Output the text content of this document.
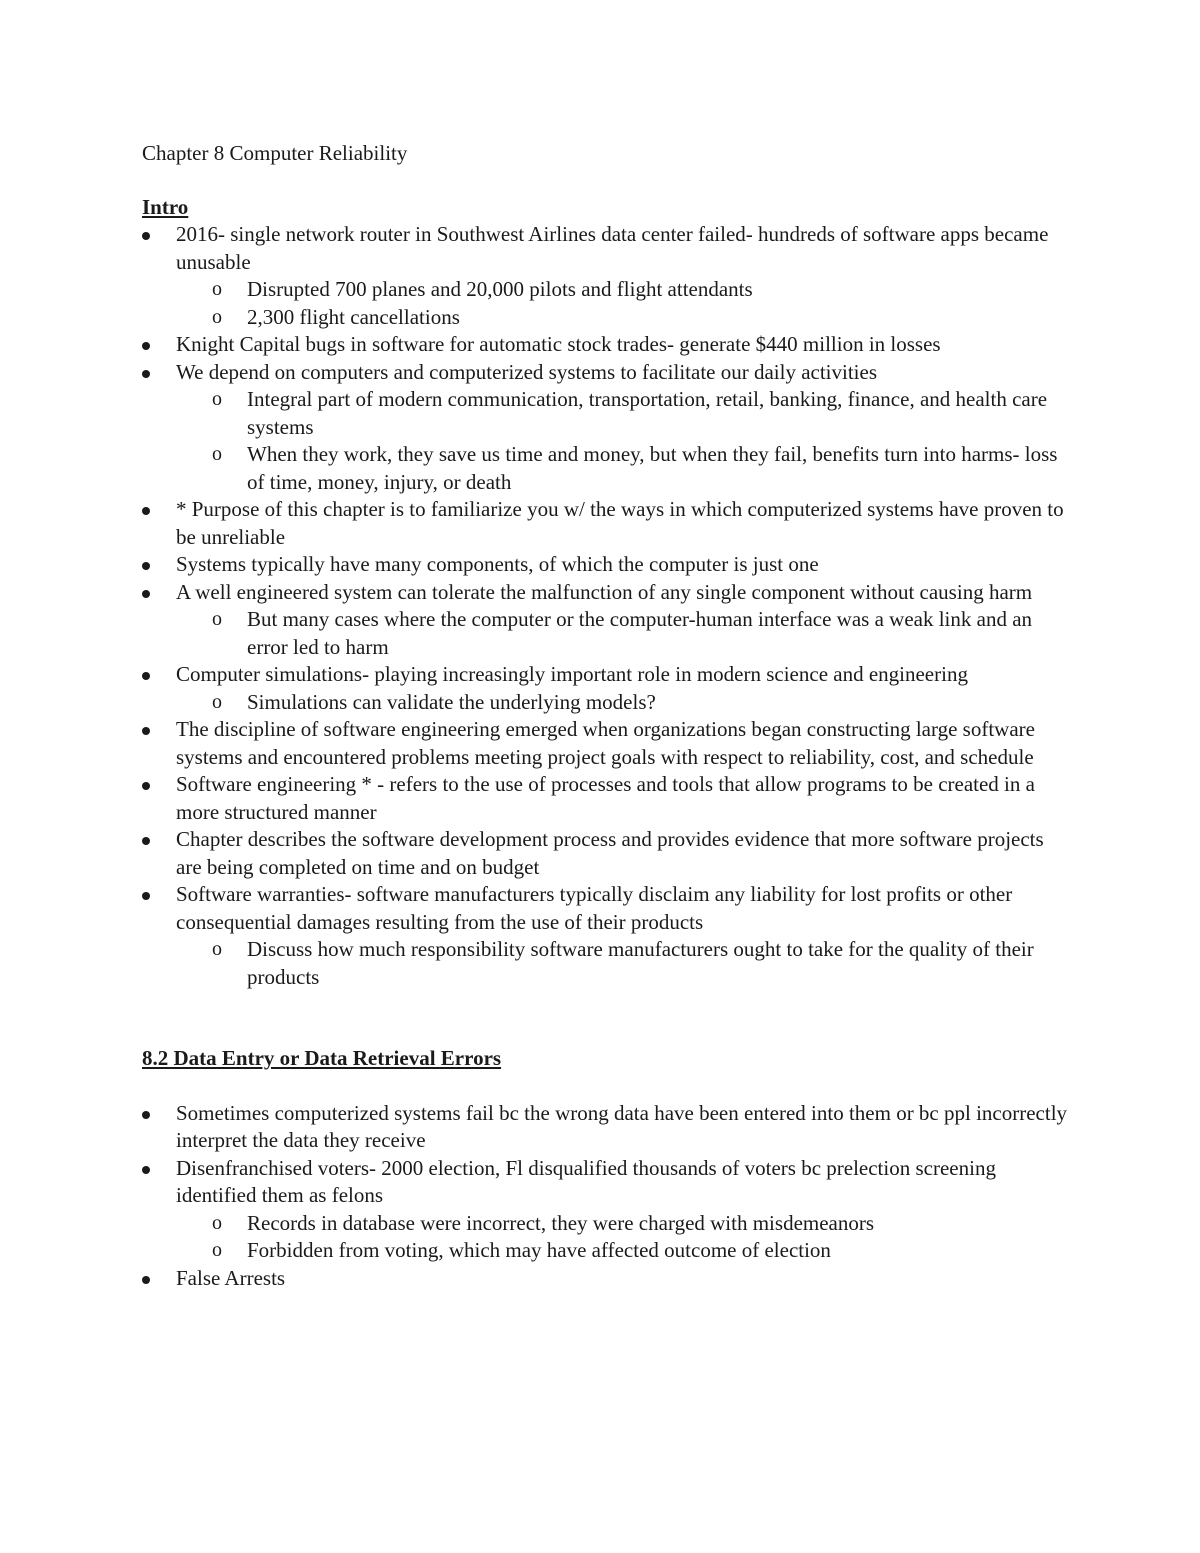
Chapter 8 Computer Reliability

Intro

2016- single network router in Southwest Airlines data center failed- hundreds of software apps became unusable
o Disrupted 700 planes and 20,000 pilots and flight attendants
o 2,300 flight cancellations
Knight Capital bugs in software for automatic stock trades- generate $440 million in losses
We depend on computers and computerized systems to facilitate our daily activities
o Integral part of modern communication, transportation, retail, banking, finance, and health care systems
o When they work, they save us time and money, but when they fail, benefits turn into harms- loss of time, money, injury, or death
* Purpose of this chapter is to familiarize you w/ the ways in which computerized systems have proven to be unreliable
Systems typically have many components, of which the computer is just one
A well engineered system can tolerate the malfunction of any single component without causing harm
o But many cases where the computer or the computer-human interface was a weak link and an error led to harm
Computer simulations- playing increasingly important role in modern science and engineering
o Simulations can validate the underlying models?
The discipline of software engineering emerged when organizations began constructing large software systems and encountered problems meeting project goals with respect to reliability, cost, and schedule
Software engineering * - refers to the use of processes and tools that allow programs to be created in a more structured manner
Chapter describes the software development process and provides evidence that more software projects are being completed on time and on budget
Software warranties- software manufacturers typically disclaim any liability for lost profits or other consequential damages resulting from the use of their products
o Discuss how much responsibility software manufacturers ought to take for the quality of their products

8.2 Data Entry or Data Retrieval Errors

Sometimes computerized systems fail bc the wrong data have been entered into them or bc ppl incorrectly interpret the data they receive
Disenfranchised voters- 2000 election, Fl disqualified thousands of voters bc prelection screening identified them as felons
o Records in database were incorrect, they were charged with misdemeanors
o Forbidden from voting, which may have affected outcome of election
False Arrests
